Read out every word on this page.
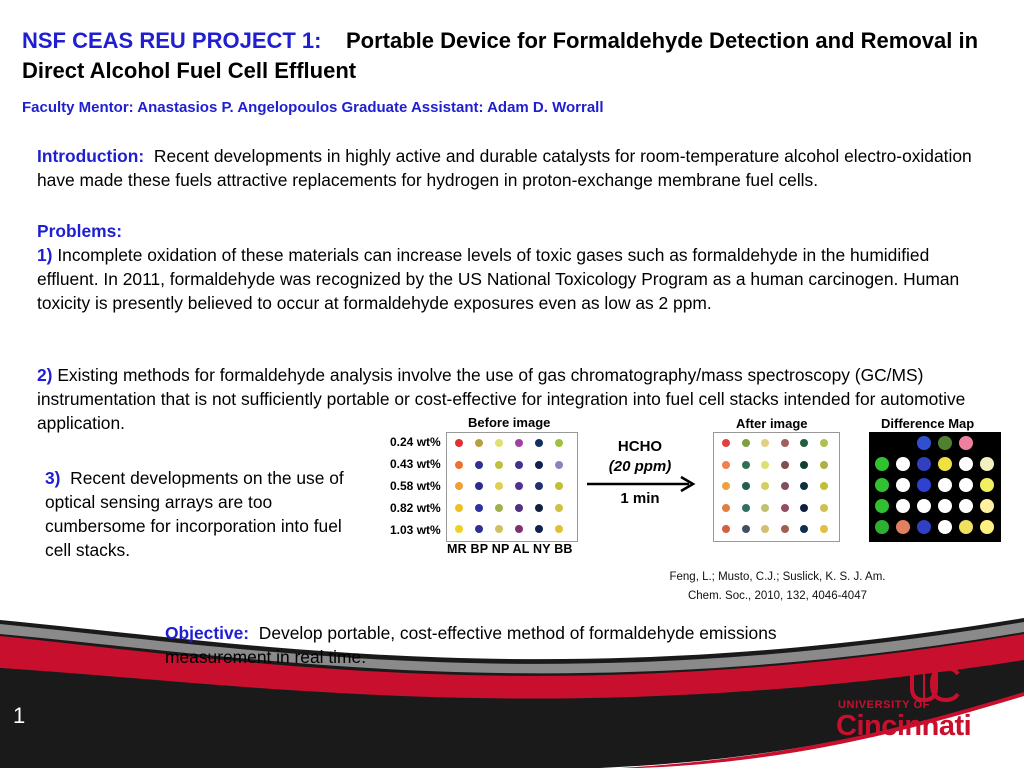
NSF CEAS REU PROJECT 1: Portable Device for Formaldehyde Detection and Removal in Direct Alcohol Fuel Cell Effluent
Faculty Mentor: Anastasios P. Angelopoulos Graduate Assistant: Adam D. Worrall
Introduction: Recent developments in highly active and durable catalysts for room-temperature alcohol electro-oxidation have made these fuels attractive replacements for hydrogen in proton-exchange membrane fuel cells.
Problems:
1) Incomplete oxidation of these materials can increase levels of toxic gases such as formaldehyde in the humidified effluent. In 2011, formaldehyde was recognized by the US National Toxicology Program as a human carcinogen. Human toxicity is presently believed to occur at formaldehyde exposures even as low as 2 ppm.
2) Existing methods for formaldehyde analysis involve the use of gas chromatography/mass spectroscopy (GC/MS) instrumentation that is not sufficiently portable or cost-effective for integration into fuel cell stacks intended for automotive application.
3) Recent developments on the use of optical sensing arrays are too cumbersome for incorporation into fuel cell stacks.
Before image	After image	Difference Map
0.24 wt%
0.43 wt%
0.58 wt%
0.82 wt%
1.03 wt%
MR BP NP AL NY BB
HCHO
(20 ppm)
1 min
Feng, L.; Musto, C.J.; Suslick, K. S. J. Am.
Chem. Soc., 2010, 132, 4046-4047
1	UNIVERSITY OF
Cincinnati
Objective: Develop portable, cost-effective method of formaldehyde emissions measurement in real time.
